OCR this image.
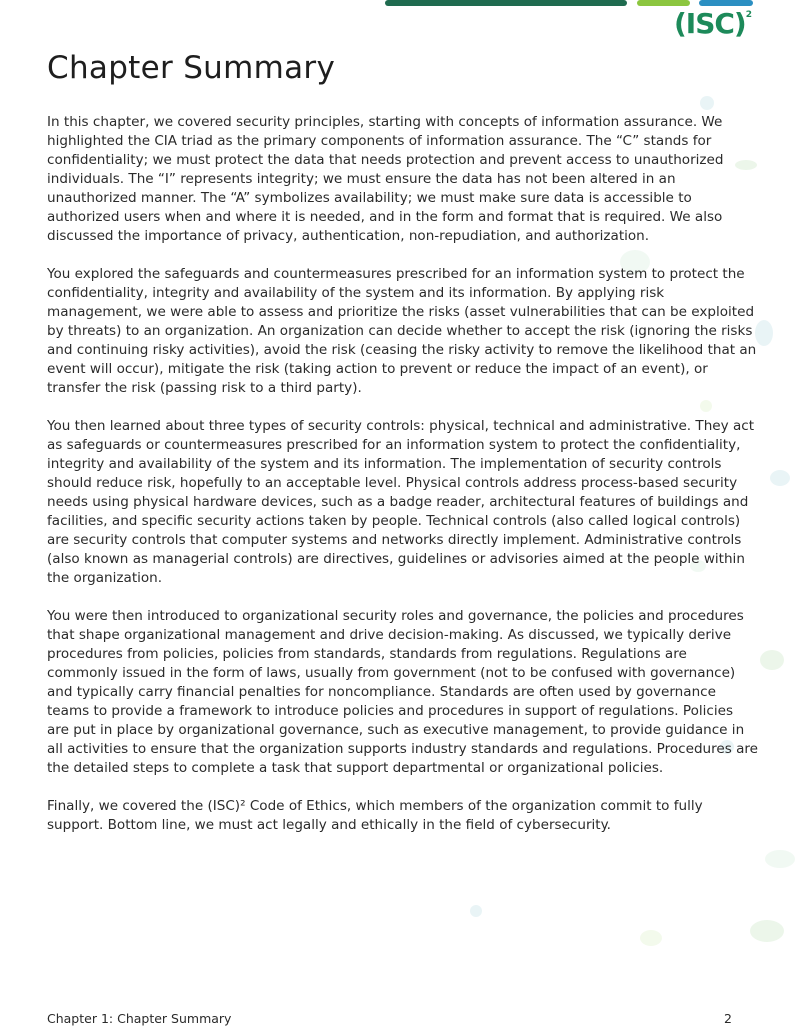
(ISC)$^2$
Chapter Summary

In this chapter, we covered security principles, starting with concepts of information assurance. We highlighted the CIA triad as the primary components of information assurance. The “C” stands for confidentiality; we must protect the data that needs protection and prevent access to unauthorized individuals. The “I” represents integrity; we must ensure the data has not been altered in an unauthorized manner. The “A” symbolizes availability; we must make sure data is accessible to authorized users when and where it is needed, and in the form and format that is required. We also discussed the importance of privacy, authentication, non-repudiation, and authorization.

You explored the safeguards and countermeasures prescribed for an information system to protect the confidentiality, integrity and availability of the system and its information. By applying risk management, we were able to assess and prioritize the risks (asset vulnerabilities that can be exploited by threats) to an organization. An organization can decide whether to accept the risk (ignoring the risks and continuing risky activities), avoid the risk (ceasing the risky activity to remove the likelihood that an event will occur), mitigate the risk (taking action to prevent or reduce the impact of an event), or transfer the risk (passing risk to a third party).

You then learned about three types of security controls: physical, technical and administrative. They act as safeguards or countermeasures prescribed for an information system to protect the confidentiality, integrity and availability of the system and its information. The implementation of security controls should reduce risk, hopefully to an acceptable level. Physical controls address process-based security needs using physical hardware devices, such as a badge reader, architectural features of buildings and facilities, and specific security actions taken by people. Technical controls (also called logical controls) are security controls that computer systems and networks directly implement. Administrative controls (also known as managerial controls) are directives, guidelines or advisories aimed at the people within the organization.

You were then introduced to organizational security roles and governance, the policies and procedures that shape organizational management and drive decision-making. As discussed, we typically derive procedures from policies, policies from standards, standards from regulations. Regulations are commonly issued in the form of laws, usually from government (not to be confused with governance) and typically carry financial penalties for noncompliance. Standards are often used by governance teams to provide a framework to introduce policies and procedures in support of regulations. Policies are put in place by organizational governance, such as executive management, to provide guidance in all activities to ensure that the organization supports industry standards and regulations. Procedures are the detailed steps to complete a task that support departmental or organizational policies.

Finally, we covered the (ISC)² Code of Ethics, which members of the organization commit to fully support. Bottom line, we must act legally and ethically in the field of cybersecurity.

Chapter 1: Chapter Summary	2
